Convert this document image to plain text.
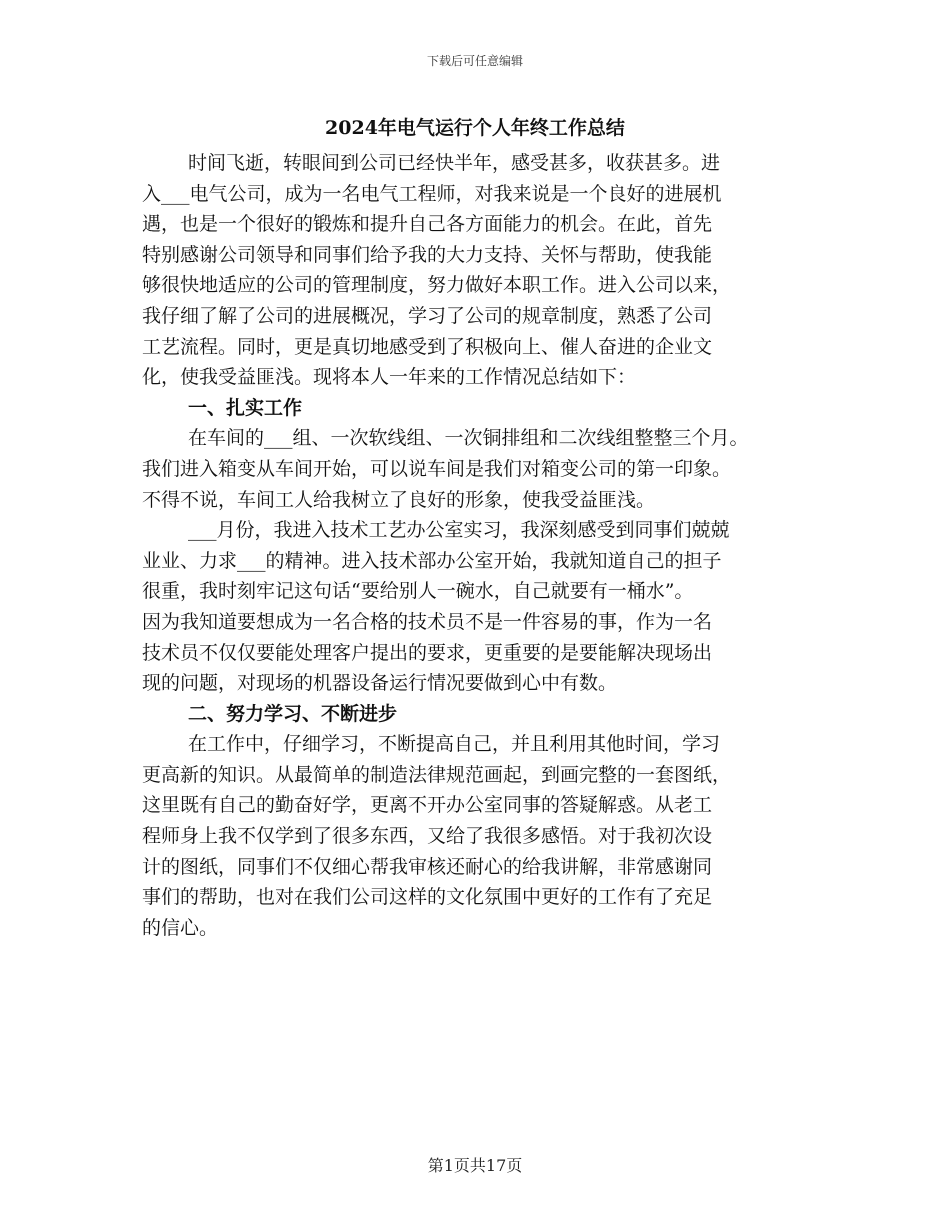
下载后可任意编辑
2024年电气运行个人年终工作总结

时间飞逝，转眼间到公司已经快半年，感受甚多，收获甚多。进
入___电气公司，成为一名电气工程师，对我来说是一个良好的进展机
遇，也是一个很好的锻炼和提升自己各方面能力的机会。在此，首先
特别感谢公司领导和同事们给予我的大力支持、关怀与帮助，使我能
够很快地适应的公司的管理制度，努力做好本职工作。进入公司以来，
我仔细了解了公司的进展概况，学习了公司的规章制度，熟悉了公司
工艺流程。同时，更是真切地感受到了积极向上、催人奋进的企业文
化，使我受益匪浅。现将本人一年来的工作情况总结如下：

一、扎实工作

在车间的___组、一次软线组、一次铜排组和二次线组整整三个月。
我们进入箱变从车间开始，可以说车间是我们对箱变公司的第一印象。
不得不说，车间工人给我树立了良好的形象，使我受益匪浅。

___月份，我进入技术工艺办公室实习，我深刻感受到同事们兢兢
业业、力求___的精神。进入技术部办公室开始，我就知道自己的担子
很重，我时刻牢记这句话“要给别人一碗水，自己就要有一桶水”。
因为我知道要想成为一名合格的技术员不是一件容易的事，作为一名
技术员不仅仅要能处理客户提出的要求，更重要的是要能解决现场出
现的问题，对现场的机器设备运行情况要做到心中有数。

二、努力学习、不断进步

在工作中，仔细学习，不断提高自己，并且利用其他时间，学习
更高新的知识。从最简单的制造法律规范画起，到画完整的一套图纸，
这里既有自己的勤奋好学，更离不开办公室同事的答疑解惑。从老工
程师身上我不仅学到了很多东西，又给了我很多感悟。对于我初次设
计的图纸，同事们不仅细心帮我审核还耐心的给我讲解，非常感谢同
事们的帮助，也对在我们公司这样的文化氛围中更好的工作有了充足
的信心。

第1页共17页
